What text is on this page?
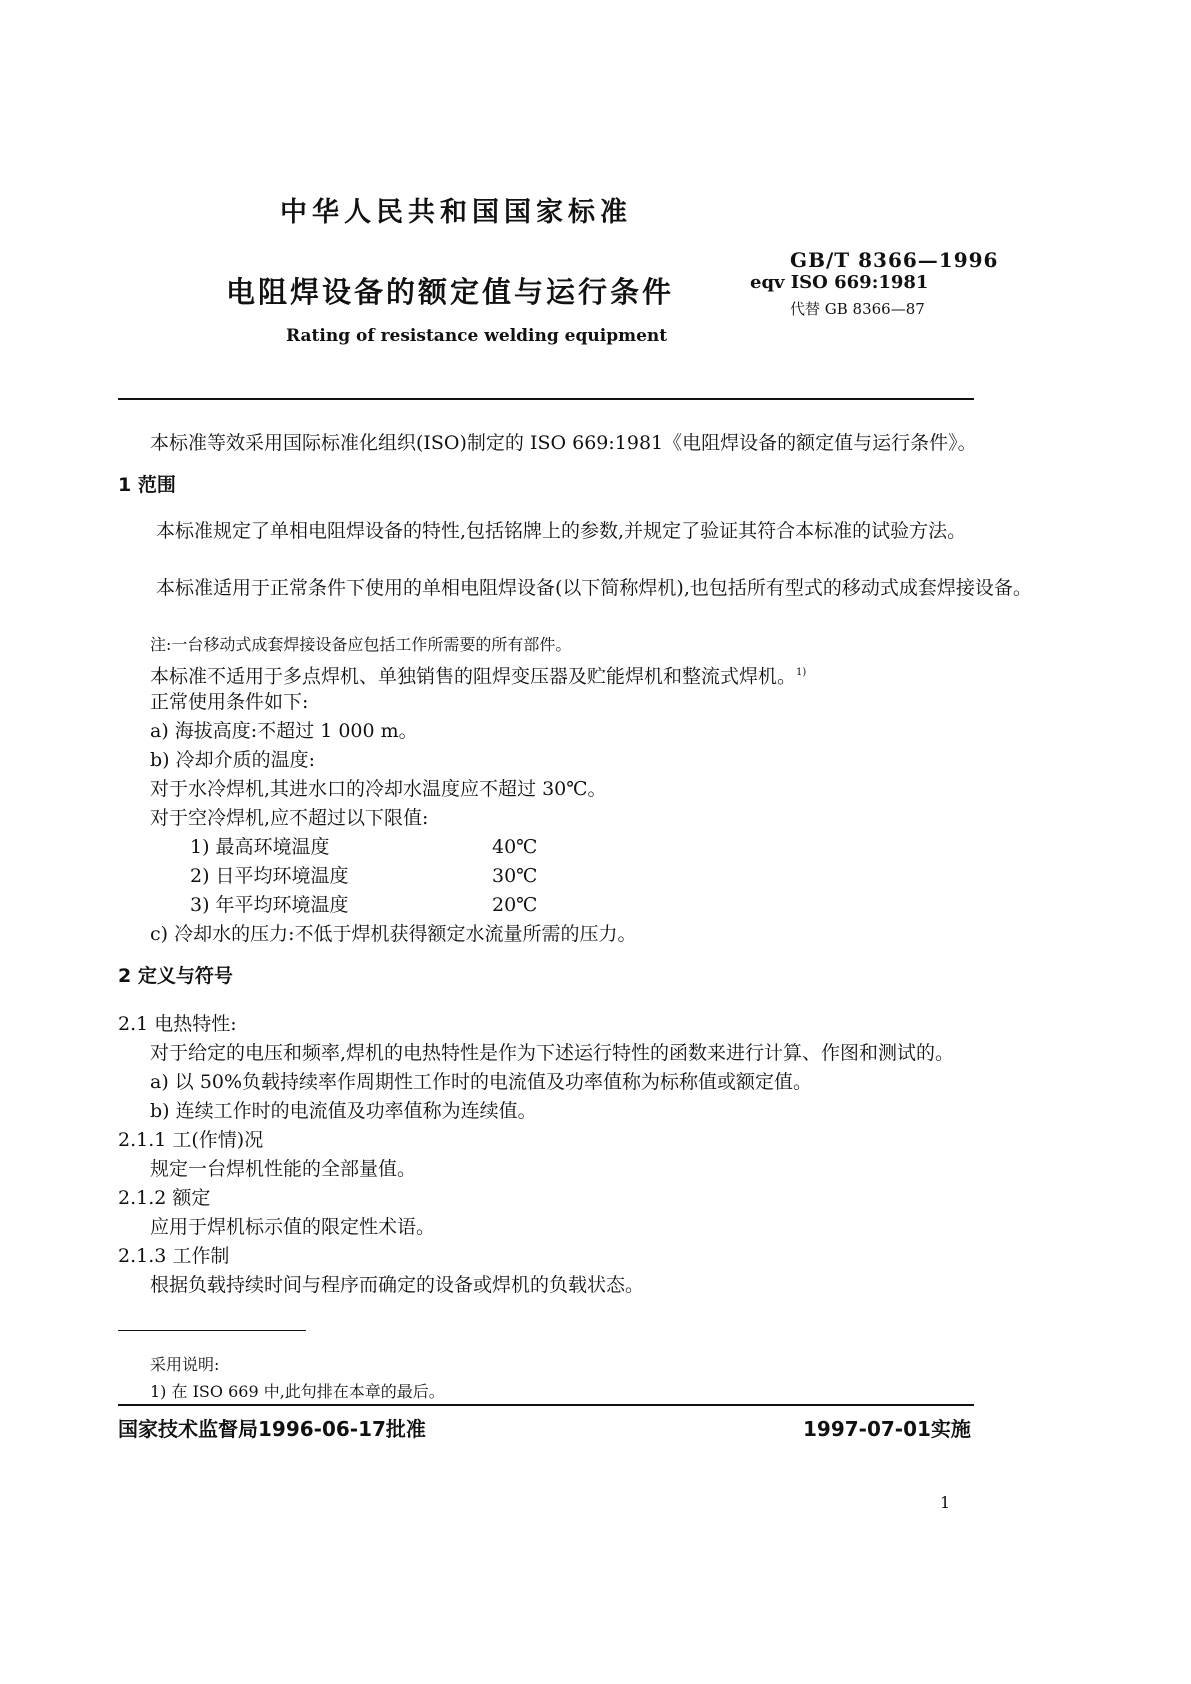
中华人民共和国国家标准
电阻焊设备的额定值与运行条件
GB/T 8366—1996
eqv ISO 669:1981
代替 GB 8366—87
Rating of resistance welding equipment
本标准等效采用国际标准化组织(ISO)制定的 ISO 669:1981《电阻焊设备的额定值与运行条件》。
1 范围
本标准规定了单相电阻焊设备的特性,包括铭牌上的参数,并规定了验证其符合本标准的试验方法。
本标准适用于正常条件下使用的单相电阻焊设备(以下简称焊机),也包括所有型式的移动式成套焊接设备。
注:一台移动式成套焊接设备应包括工作所需要的所有部件。
本标准不适用于多点焊机、单独销售的阻焊变压器及贮能焊机和整流式焊机。$^{1)}$
正常使用条件如下:
a) 海拔高度:不超过 1 000 m。
b) 冷却介质的温度:
对于水冷焊机,其进水口的冷却水温度应不超过 30℃。
对于空冷焊机,应不超过以下限值:
1) 最高环境温度	40℃
2) 日平均环境温度	30℃
3) 年平均环境温度	20℃
c) 冷却水的压力:不低于焊机获得额定水流量所需的压力。
2 定义与符号
2.1 电热特性:
对于给定的电压和频率,焊机的电热特性是作为下述运行特性的函数来进行计算、作图和测试的。
a) 以 50%负载持续率作周期性工作时的电流值及功率值称为标称值或额定值。
b) 连续工作时的电流值及功率值称为连续值。
2.1.1 工(作情)况
规定一台焊机性能的全部量值。
2.1.2 额定
应用于焊机标示值的限定性术语。
2.1.3 工作制
根据负载持续时间与程序而确定的设备或焊机的负载状态。
采用说明:
1) 在 ISO 669 中,此句排在本章的最后。
国家技术监督局1996-06-17批准	1997-07-01实施
1
